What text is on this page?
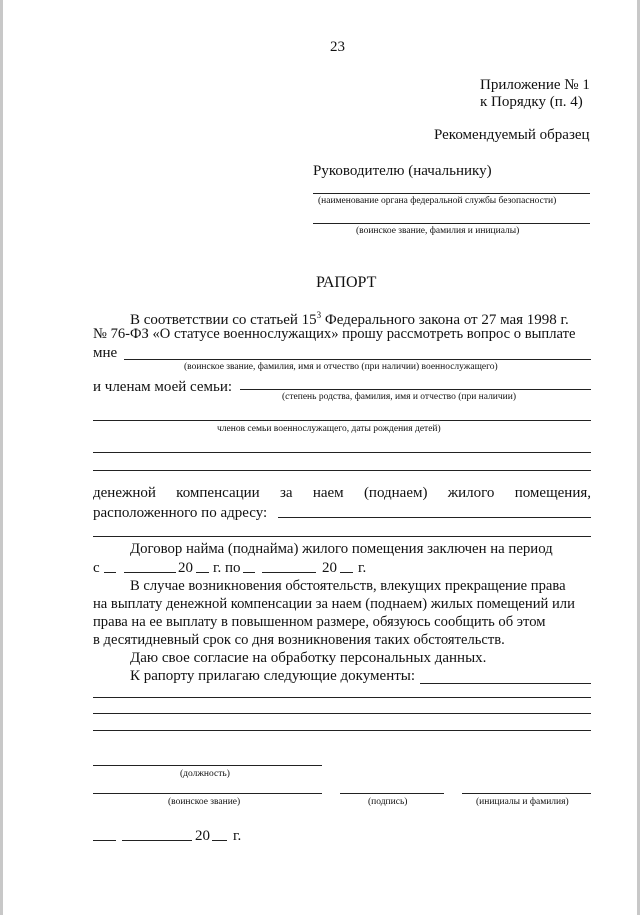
23
Приложение № 1
к Порядку (п. 4)
Рекомендуемый образец
Руководителю (начальнику)
(наименование органа федеральной службы безопасности)
(воинское звание, фамилия и инициалы)
РАПОРТ
В соответствии со статьей $15^3$ Федерального закона от 27 мая 1998 г.
№ 76-ФЗ «О статусе военнослужащих» прошу рассмотреть вопрос о выплате
мне
(воинское звание, фамилия, имя и отчество (при наличии) военнослужащего)
и членам моей семьи:
(степень родства, фамилия, имя и отчество (при наличии)
членов семьи военнослужащего, даты рождения детей)
денежной компенсации за наем (поднаем) жилого помещения,
расположенного по адресу:
Договор найма (поднайма) жилого помещения заключен на период
с	20 г. по	20 г.
В случае возникновения обстоятельств, влекущих прекращение права
на выплату денежной компенсации за наем (поднаем) жилых помещений или
права на ее выплату в повышенном размере, обязуюсь сообщить об этом
в десятидневный срок со дня возникновения таких обстоятельств.
Даю свое согласие на обработку персональных данных.
К рапорту прилагаю следующие документы:
(должность)
(воинское звание)	(подпись)	(инициалы и фамилия)
20 г.
